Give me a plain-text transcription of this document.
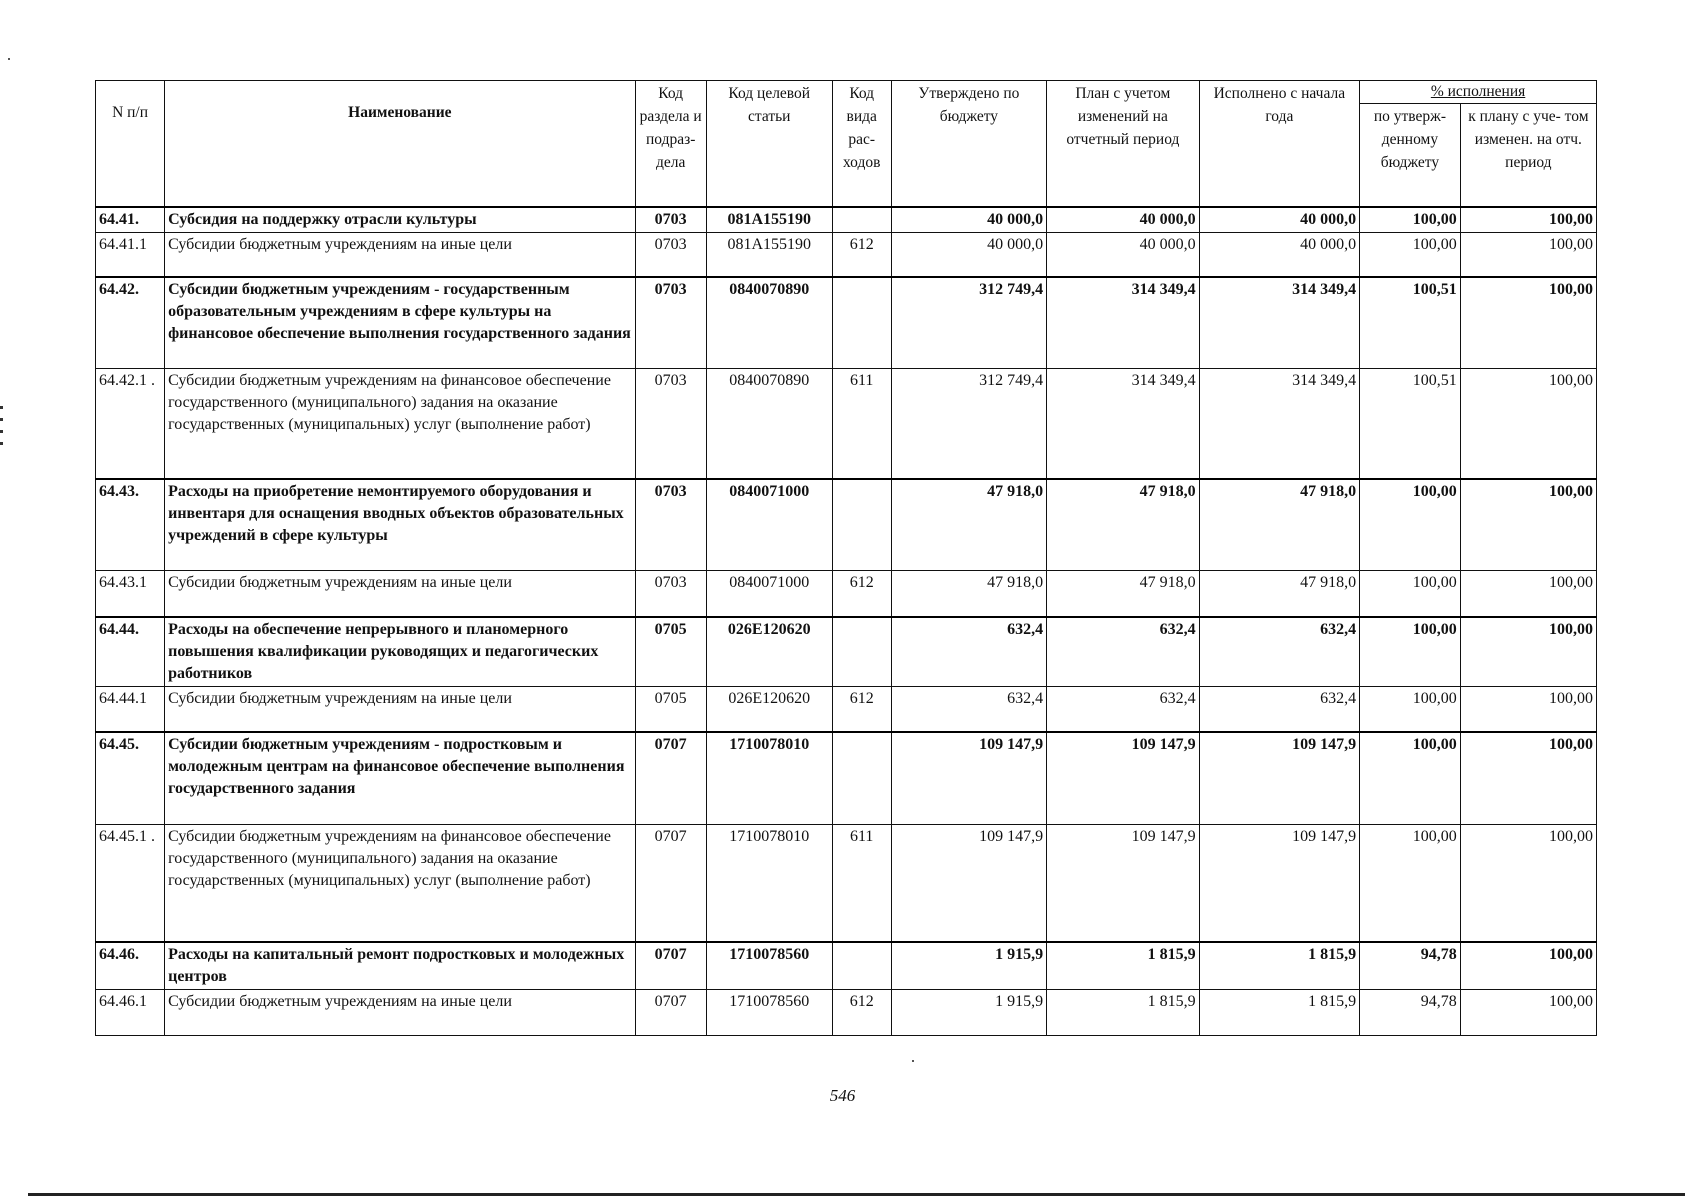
N п/п	Наименование	Код раздела и подраз- дела	Код целевой статьи	Код вида рас- ходов	Утверждено по бюджету	План с учетом изменений на отчетный период	Исполнено с начала года	% исполнения	
								по утверж- денному бюджету	к плану с уче- том изменен. на отч. период
64.41.	Субсидия на поддержку отрасли культуры	0703	081A155190		40 000,0	40 000,0	40 000,0	100,00	100,00
64.41.1	Субсидии бюджетным учреждениям на иные цели	0703	081A155190	612	40 000,0	40 000,0	40 000,0	100,00	100,00
64.42.	Субсидии бюджетным учреждениям - государственным образовательным учреждениям в сфере культуры на финансовое обеспечение выполнения государственного задания	0703	0840070890		312 749,4	314 349,4	314 349,4	100,51	100,00
64.42.1 .	Субсидии бюджетным учреждениям на финансовое обеспечение государственного (муниципального) задания на оказание государственных (муниципальных) услуг (выполнение работ)	0703	0840070890	611	312 749,4	314 349,4	314 349,4	100,51	100,00
64.43.	Расходы на приобретение немонтируемого оборудования и инвентаря для оснащения вводных объектов образовательных учреждений в сфере культуры	0703	0840071000		47 918,0	47 918,0	47 918,0	100,00	100,00
64.43.1	Субсидии бюджетным учреждениям на иные цели	0703	0840071000	612	47 918,0	47 918,0	47 918,0	100,00	100,00
64.44.	Расходы на обеспечение непрерывного и планомерного повышения квалификации руководящих и педагогических работников	0705	026E120620		632,4	632,4	632,4	100,00	100,00
64.44.1	Субсидии бюджетным учреждениям на иные цели	0705	026E120620	612	632,4	632,4	632,4	100,00	100,00
64.45.	Субсидии бюджетным учреждениям - подростковым и молодежным центрам на финансовое обеспечение выполнения государственного задания	0707	1710078010		109 147,9	109 147,9	109 147,9	100,00	100,00
64.45.1 .	Субсидии бюджетным учреждениям на финансовое обеспечение государственного (муниципального) задания на оказание государственных (муниципальных) услуг (выполнение работ)	0707	1710078010	611	109 147,9	109 147,9	109 147,9	100,00	100,00
64.46.	Расходы на капитальный ремонт подростковых и молодежных центров	0707	1710078560		1 915,9	1 815,9	1 815,9	94,78	100,00
64.46.1	Субсидии бюджетным учреждениям на иные цели	0707	1710078560	612	1 915,9	1 815,9	1 815,9	94,78	100,00
546
